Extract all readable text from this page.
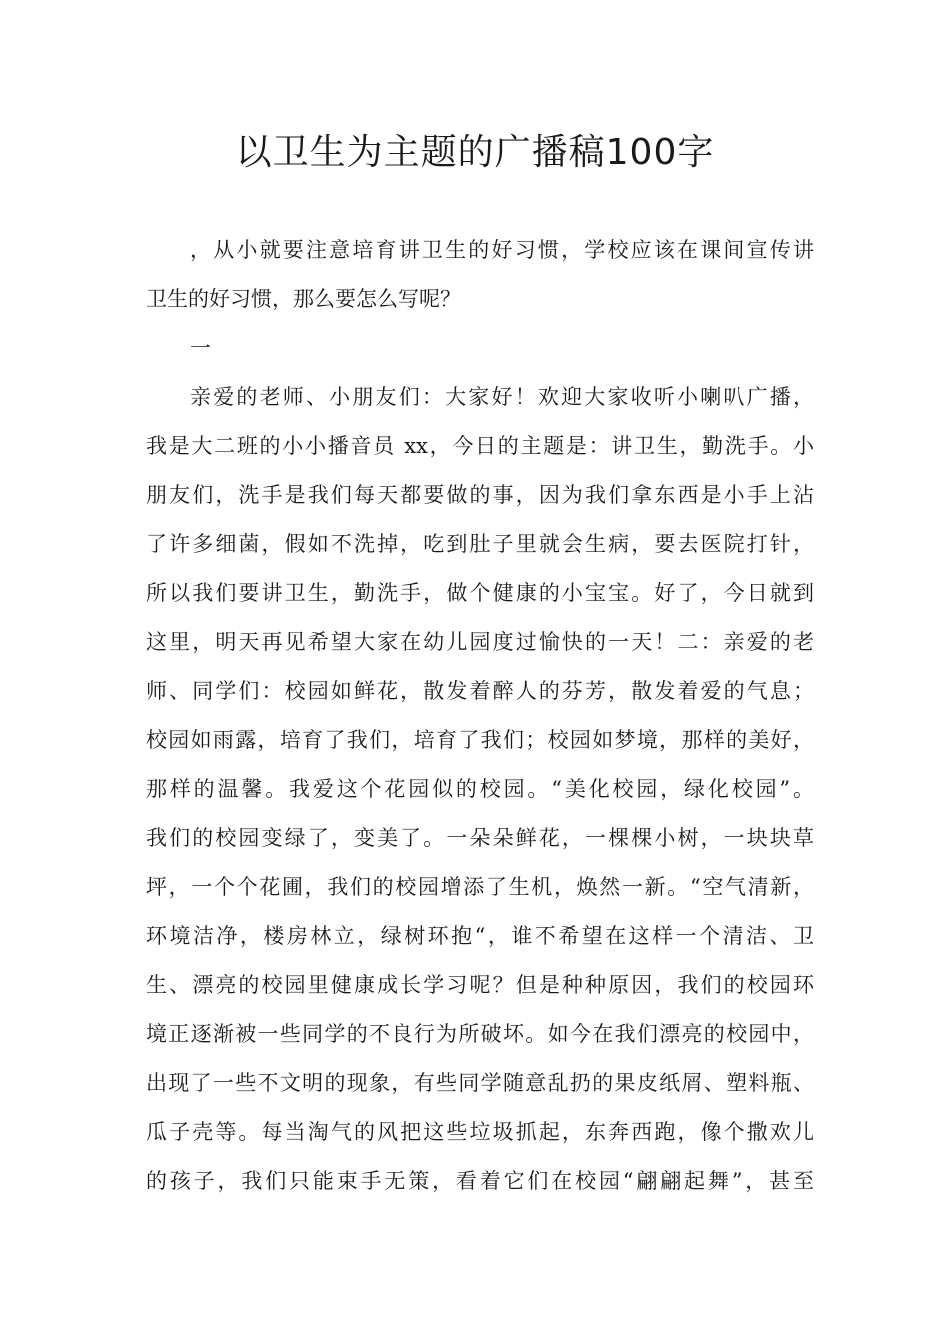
以卫生为主题的广播稿100字
，从小就要注意培育讲卫生的好习惯，学校应该在课间宣传讲
卫生的好习惯，那么要怎么写呢？
一
亲爱的老师、小朋友们：大家好！欢迎大家收听小喇叭广播，
我是大二班的小小播音员 xx，今日的主题是：讲卫生，勤洗手。小
朋友们，洗手是我们每天都要做的事，因为我们拿东西是小手上沾
了许多细菌，假如不洗掉，吃到肚子里就会生病，要去医院打针，
所以我们要讲卫生，勤洗手，做个健康的小宝宝。好了，今日就到
这里，明天再见希望大家在幼儿园度过愉快的一天！二：亲爱的老
师、同学们：校园如鲜花，散发着醉人的芬芳，散发着爱的气息；
校园如雨露，培育了我们，培育了我们；校园如梦境，那样的美好，
那样的温馨。我爱这个花园似的校园。“美化校园，绿化校园”。
我们的校园变绿了，变美了。一朵朵鲜花，一棵棵小树，一块块草
坪，一个个花圃，我们的校园增添了生机，焕然一新。“空气清新，
环境洁净，楼房林立，绿树环抱“，谁不希望在这样一个清洁、卫
生、漂亮的校园里健康成长学习呢？但是种种原因，我们的校园环
境正逐渐被一些同学的不良行为所破坏。如今在我们漂亮的校园中，
出现了一些不文明的现象，有些同学随意乱扔的果皮纸屑、塑料瓶、
瓜子壳等。每当淘气的风把这些垃圾抓起，东奔西跑，像个撒欢儿
的孩子，我们只能束手无策，看着它们在校园“翩翩起舞”，甚至
